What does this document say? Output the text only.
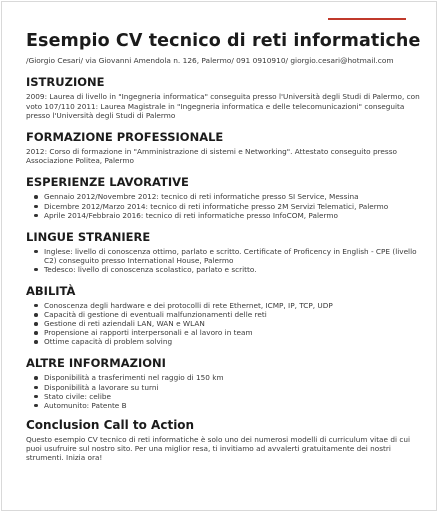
Esempio CV tecnico di reti informatiche
/Giorgio Cesari/ via Giovanni Amendola n. 126, Palermo/ 091 0910910/ giorgio.cesari@hotmail.com
ISTRUZIONE

2009: Laurea di livello in "Ingegneria informatica" conseguita presso l'Università degli Studi di Palermo, con voto 107/110 2011: Laurea Magistrale in "Ingegneria informatica e delle telecomunicazioni" conseguita presso l'Università degli Studi di Palermo

FORMAZIONE PROFESSIONALE

2012: Corso di formazione in "Amministrazione di sistemi e Networking". Attestato conseguito presso Associazione Politea, Palermo

ESPERIENZE LAVORATIVE
Gennaio 2012/Novembre 2012: tecnico di reti informatiche presso SI Service, Messina
Dicembre 2012/Marzo 2014: tecnico di reti informatiche presso 2M Servizi Telematici, Palermo
Aprile 2014/Febbraio 2016: tecnico di reti informatiche presso InfoCOM, Palermo
LINGUE STRANIERE
Inglese: livello di conoscenza ottimo, parlato e scritto. Certificate of Proficency in English - CPE (livello C2) conseguito presso International House, Palermo
Tedesco: livello di conoscenza scolastico, parlato e scritto.
ABILITÀ
Conoscenza degli hardware e dei protocolli di rete Ethernet, ICMP, IP, TCP, UDP
Capacità di gestione di eventuali malfunzionamenti delle reti
Gestione di reti aziendali LAN, WAN e WLAN
Propensione ai rapporti interpersonali e al lavoro in team
Ottime capacità di problem solving
ALTRE INFORMAZIONI
Disponibilità a trasferimenti nel raggio di 150 km
Disponibilità a lavorare su turni
Stato civile: celibe
Automunito: Patente B
Conclusion Call to Action

Questo esempio CV tecnico di reti informatiche è solo uno dei numerosi modelli di curriculum vitae di cui puoi usufruire sul nostro sito. Per una miglior resa, ti invitiamo ad avvalerti gratuitamente dei nostri strumenti. Inizia ora!
